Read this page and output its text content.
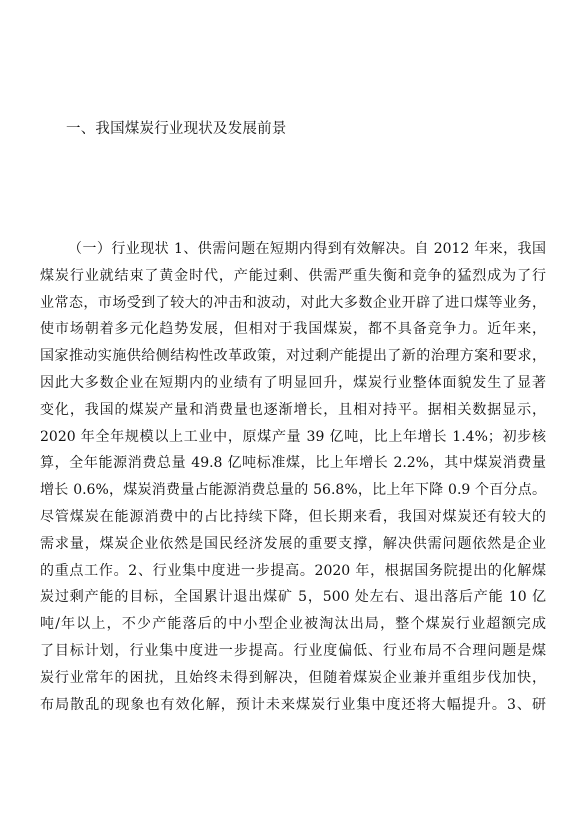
一、我国煤炭行业现状及发展前景
（一）行业现状 1、供需问题在短期内得到有效解决。自 2012 年来，我国
煤炭行业就结束了黄金时代，产能过剩、供需严重失衡和竞争的猛烈成为了行
业常态，市场受到了较大的冲击和波动，对此大多数企业开辟了进口煤等业务，
使市场朝着多元化趋势发展，但相对于我国煤炭，都不具备竞争力。近年来，
国家推动实施供给侧结构性改革政策，对过剩产能提出了新的治理方案和要求，
因此大多数企业在短期内的业绩有了明显回升，煤炭行业整体面貌发生了显著
变化，我国的煤炭产量和消费量也逐渐增长，且相对持平。据相关数据显示，
2020 年全年规模以上工业中，原煤产量 39 亿吨，比上年增长 1.4%；初步核
算，全年能源消费总量 49.8 亿吨标准煤，比上年增长 2.2%，其中煤炭消费量
增长 0.6%，煤炭消费量占能源消费总量的 56.8%，比上年下降 0.9 个百分点。
尽管煤炭在能源消费中的占比持续下降，但长期来看，我国对煤炭还有较大的
需求量，煤炭企业依然是国民经济发展的重要支撑，解决供需问题依然是企业
的重点工作。2、行业集中度进一步提高。2020 年，根据国务院提出的化解煤
炭过剩产能的目标，全国累计退出煤矿 5，500 处左右、退出落后产能 10 亿
吨/年以上，不少产能落后的中小型企业被淘汰出局，整个煤炭行业超额完成
了目标计划，行业集中度进一步提高。行业度偏低、行业布局不合理问题是煤
炭行业常年的困扰，且始终未得到解决，但随着煤炭企业兼并重组步伐加快，
布局散乱的现象也有效化解，预计未来煤炭行业集中度还将大幅提升。3、研
